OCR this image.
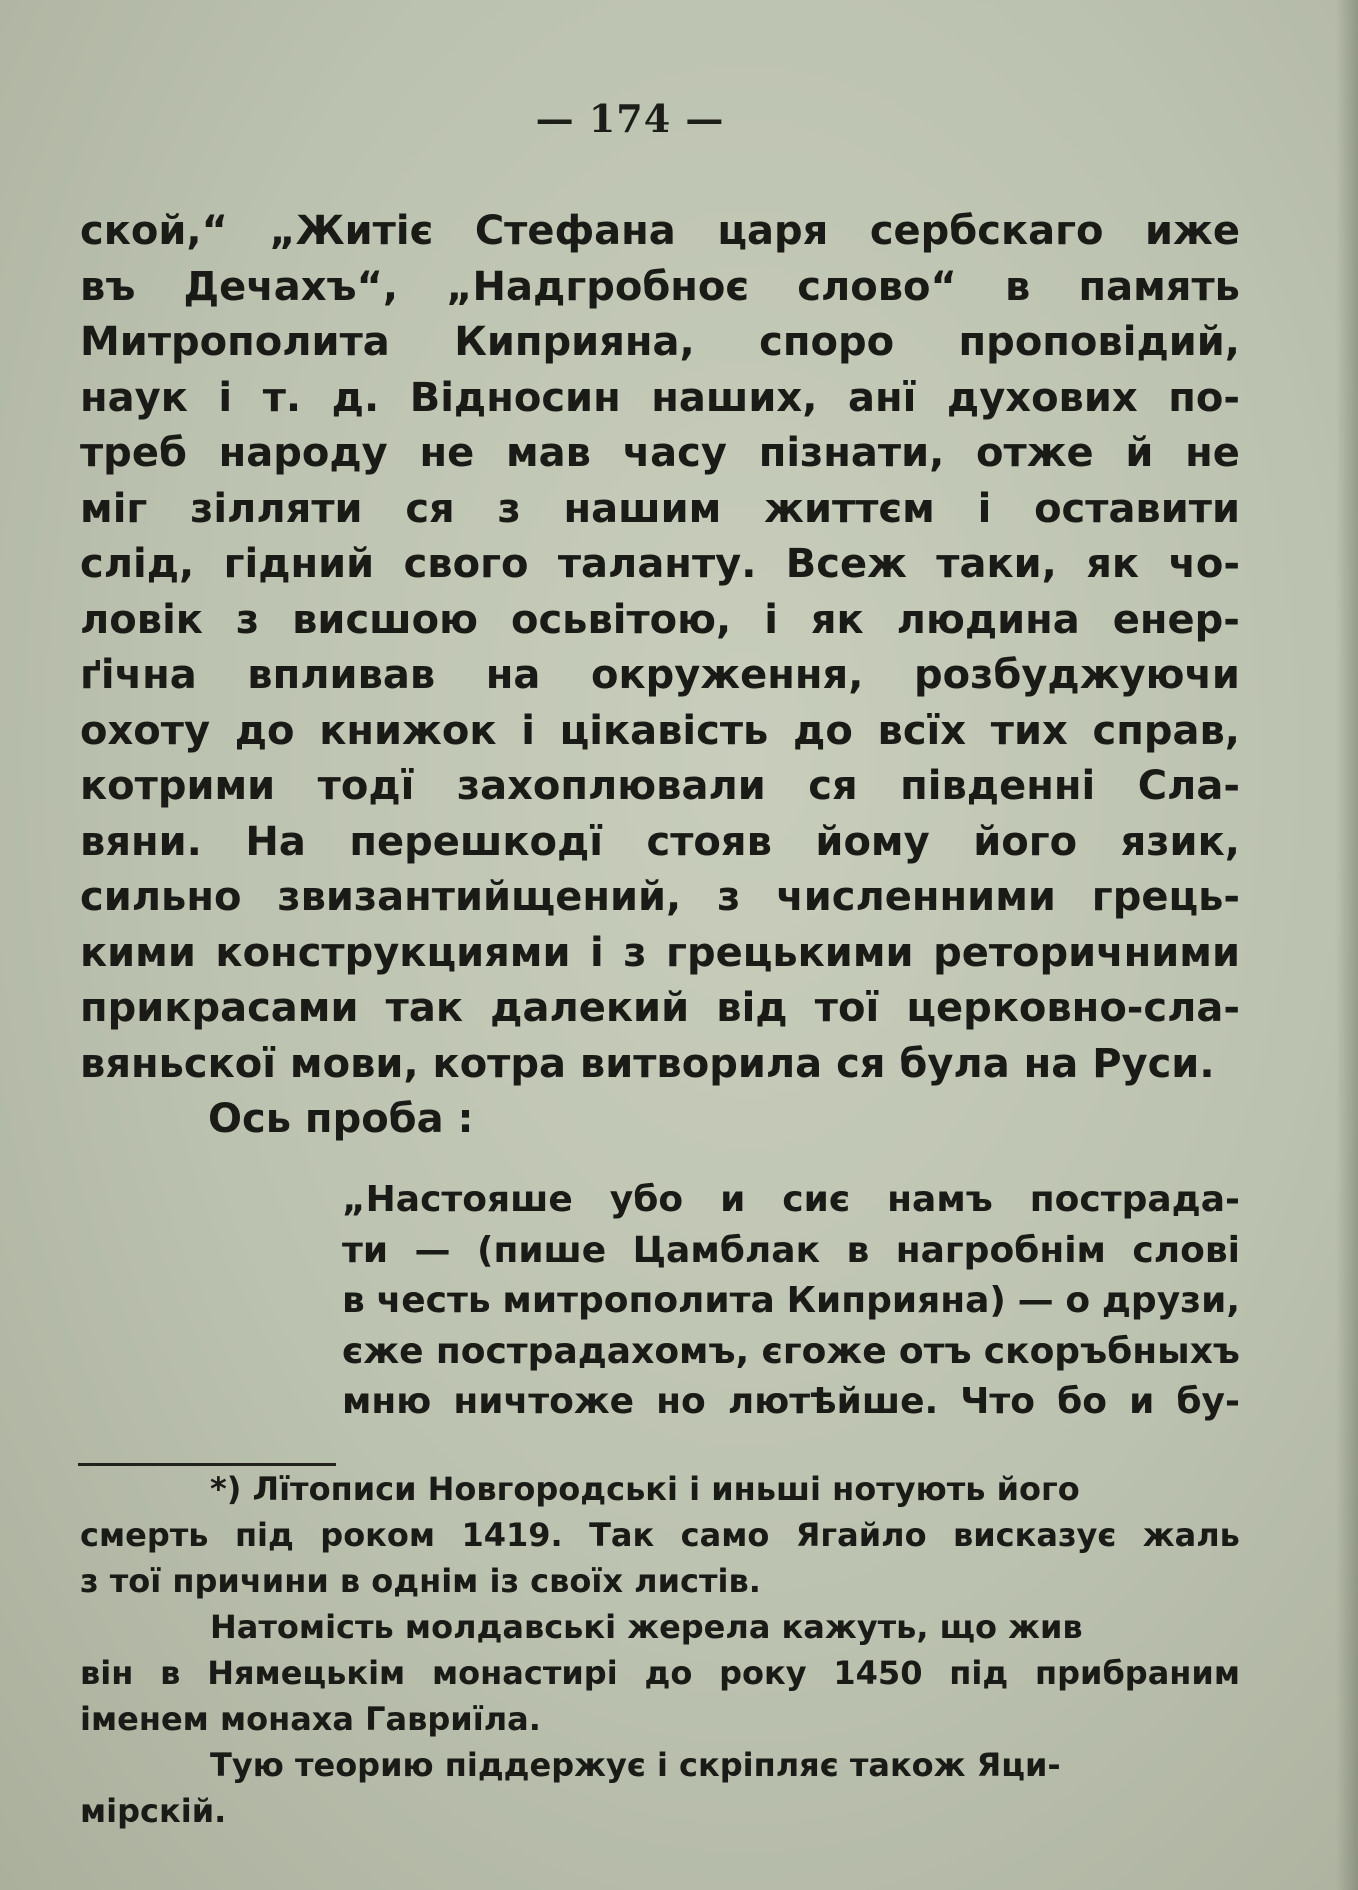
— 174 —
ской,“ „Житіє Стефана царя сербскаго иже
въ Дечахъ“, „Надгробноє слово“ в память
Митрополита Киприяна, споро проповідий,
наук і т. д. Відносин наших, анї духових по-
треб народу не мав часу пізнати, отже й не
міг зілляти ся з нашим життєм і оставити
слід, гідний свого таланту. Всеж таки, як чо-
ловік з висшою осьвітою, і як людина енер-
ґічна впливав на окруження, розбуджуючи
охоту до книжок і цікавість до всїх тих справ,
котрими тодї захоплювали ся південні Сла-
вяни. На перешкодї стояв йому його язик,
сильно звизантийщений, з численними грець-
кими конструкциями і з грецькими реторичними
прикрасами так далекий від тої церковно-сла-
вяньскої мови, котра витворила ся була на Руси.
Ось проба :
„Настояше убо и сиє намъ пострада-
ти — (пише Цамблак в нагробнім слові
в честь митрополита Киприяна) — о друзи,
єже пострадахомъ, єгоже отъ скоръбныхъ
мню ничтоже но лютѣйше. Что бо и бу-
*) Лїтописи Новгородські і иньші нотують його
смерть під роком 1419. Так само Ягайло висказує жаль
з тої причини в однім із своїх листів.
Натомість молдавські жерела кажуть, що жив
він в Нямецькім монастирі до року 1450 під прибраним
іменем монаха Гавриїла.
Тую теорию піддержує і скріпляє також Яци-
мірскій.
